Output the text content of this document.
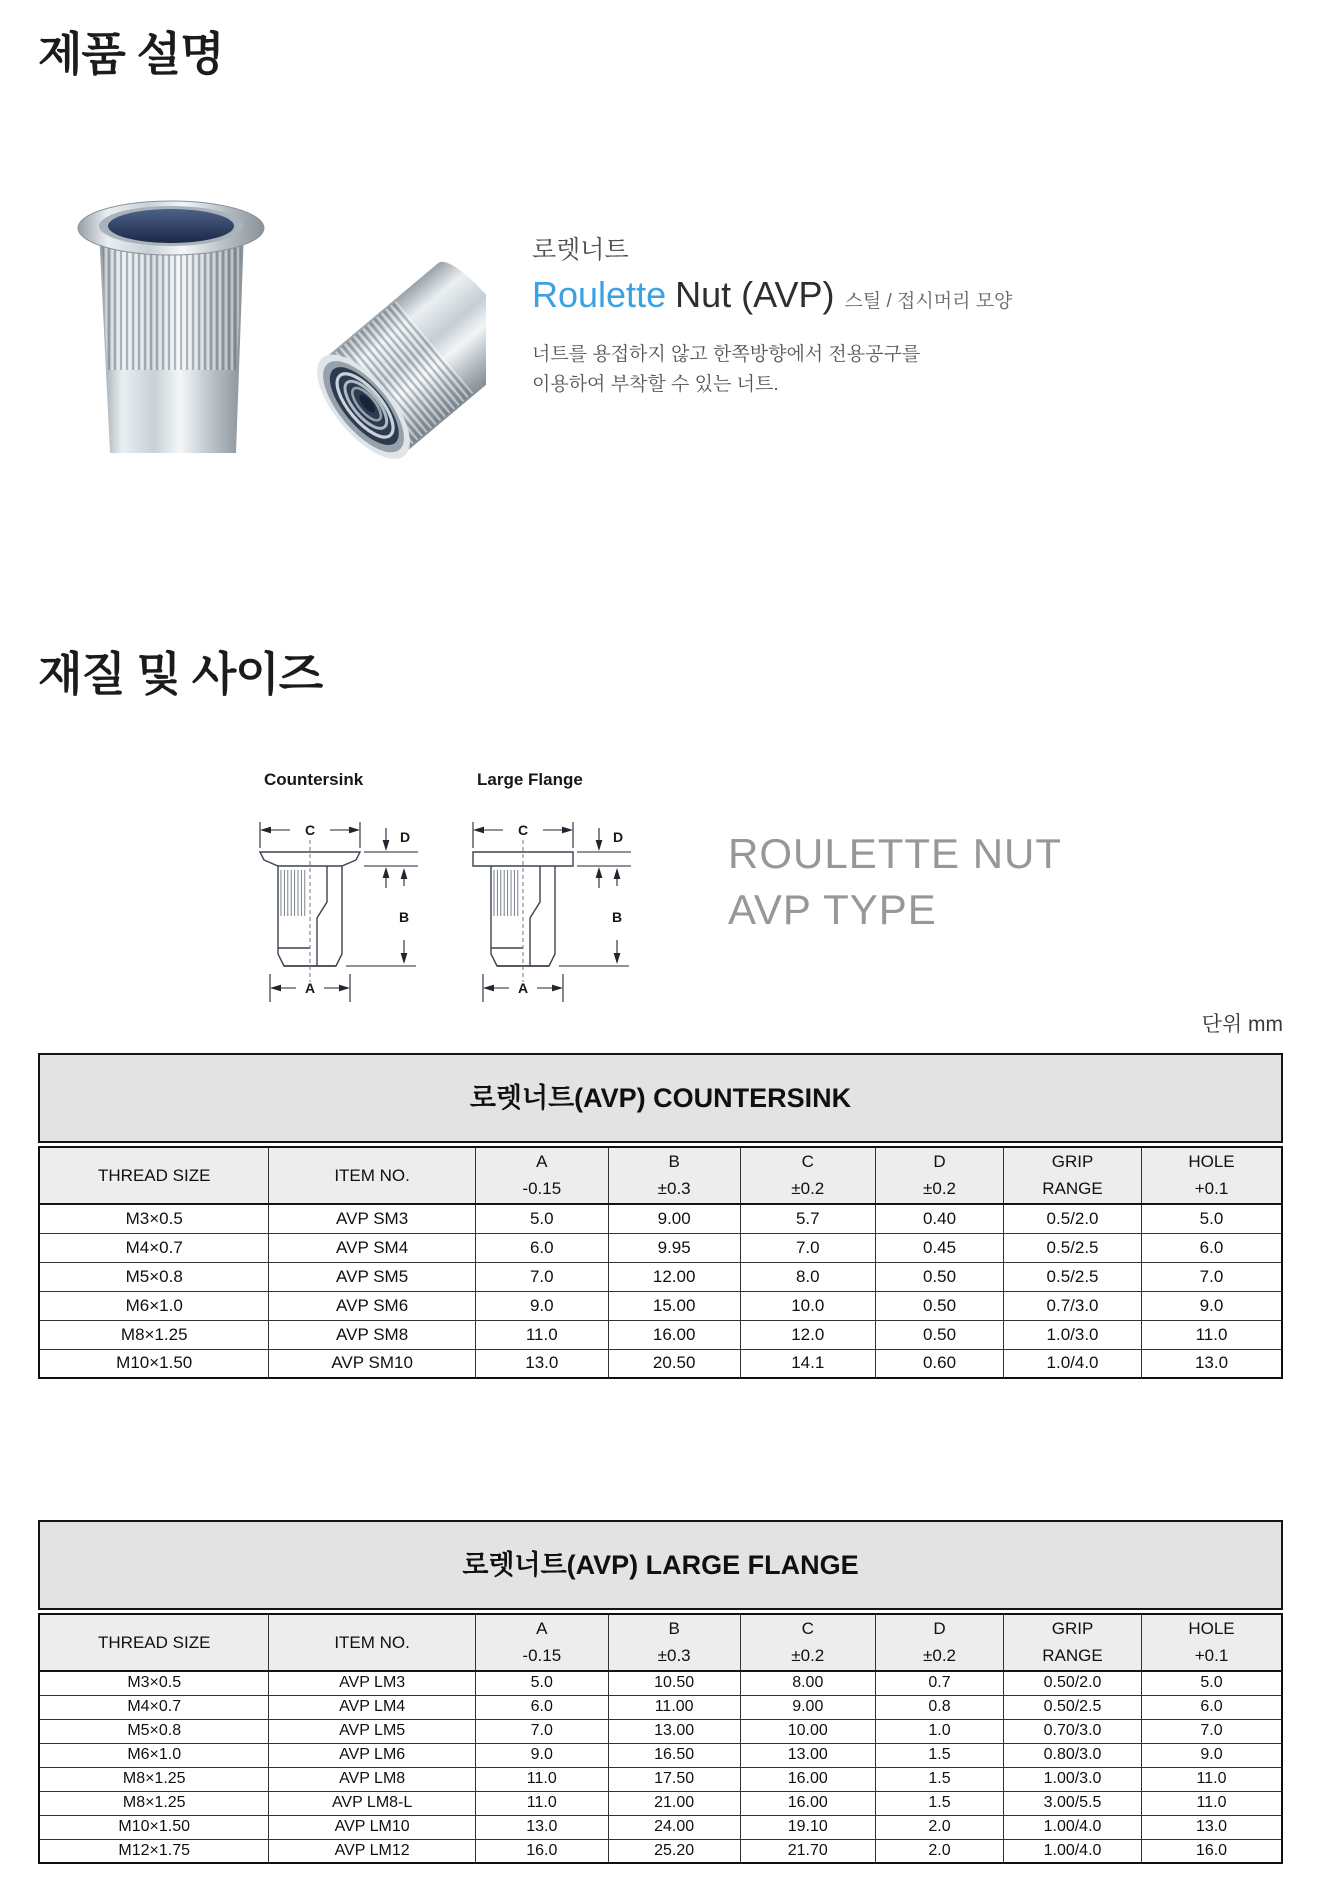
제품 설명
로렛너트
Roulette Nut (AVP) 스틸 / 접시머리 모양
너트를 용접하지 않고 한쪽방향에서 전용공구를
이용하여 부착할 수 있는 너트.
재질 및 사이즈
Countersink
C	D
B
A
Large Flange
C	D
B
A
ROULETTE NUT
AVP TYPE
단위 mm
로렛너트(AVP) COUNTERSINK
THREAD SIZE	ITEM NO.

A
-0.15

B
±0.3

C
±0.2

D
±0.2

GRIP
RANGE

HOLE
+0.1

M3×0.5	AVP SM3	5.0	9.00	5.7	0.40	0.5/2.0	5.0
M4×0.7	AVP SM4	6.0	9.95	7.0	0.45	0.5/2.5	6.0
M5×0.8	AVP SM5	7.0	12.00	8.0	0.50	0.5/2.5	7.0
M6×1.0	AVP SM6	9.0	15.00	10.0	0.50	0.7/3.0	9.0
M8×1.25	AVP SM8	11.0	16.00	12.0	0.50	1.0/3.0	11.0
M10×1.50	AVP SM10	13.0	20.50	14.1	0.60	1.0/4.0	13.0
로렛너트(AVP) LARGE FLANGE
THREAD SIZE	ITEM NO.

A
-0.15

B
±0.3

C
±0.2

D
±0.2

GRIP
RANGE

HOLE
+0.1

M3×0.5	AVP LM3	5.0	10.50	8.00	0.7	0.50/2.0	5.0
M4×0.7	AVP LM4	6.0	11.00	9.00	0.8	0.50/2.5	6.0
M5×0.8	AVP LM5	7.0	13.00	10.00	1.0	0.70/3.0	7.0
M6×1.0	AVP LM6	9.0	16.50	13.00	1.5	0.80/3.0	9.0
M8×1.25	AVP LM8	11.0	17.50	16.00	1.5	1.00/3.0	11.0
M8×1.25	AVP LM8-L	11.0	21.00	16.00	1.5	3.00/5.5	11.0
M10×1.50	AVP LM10	13.0	24.00	19.10	2.0	1.00/4.0	13.0
M12×1.75	AVP LM12	16.0	25.20	21.70	2.0	1.00/4.0	16.0
